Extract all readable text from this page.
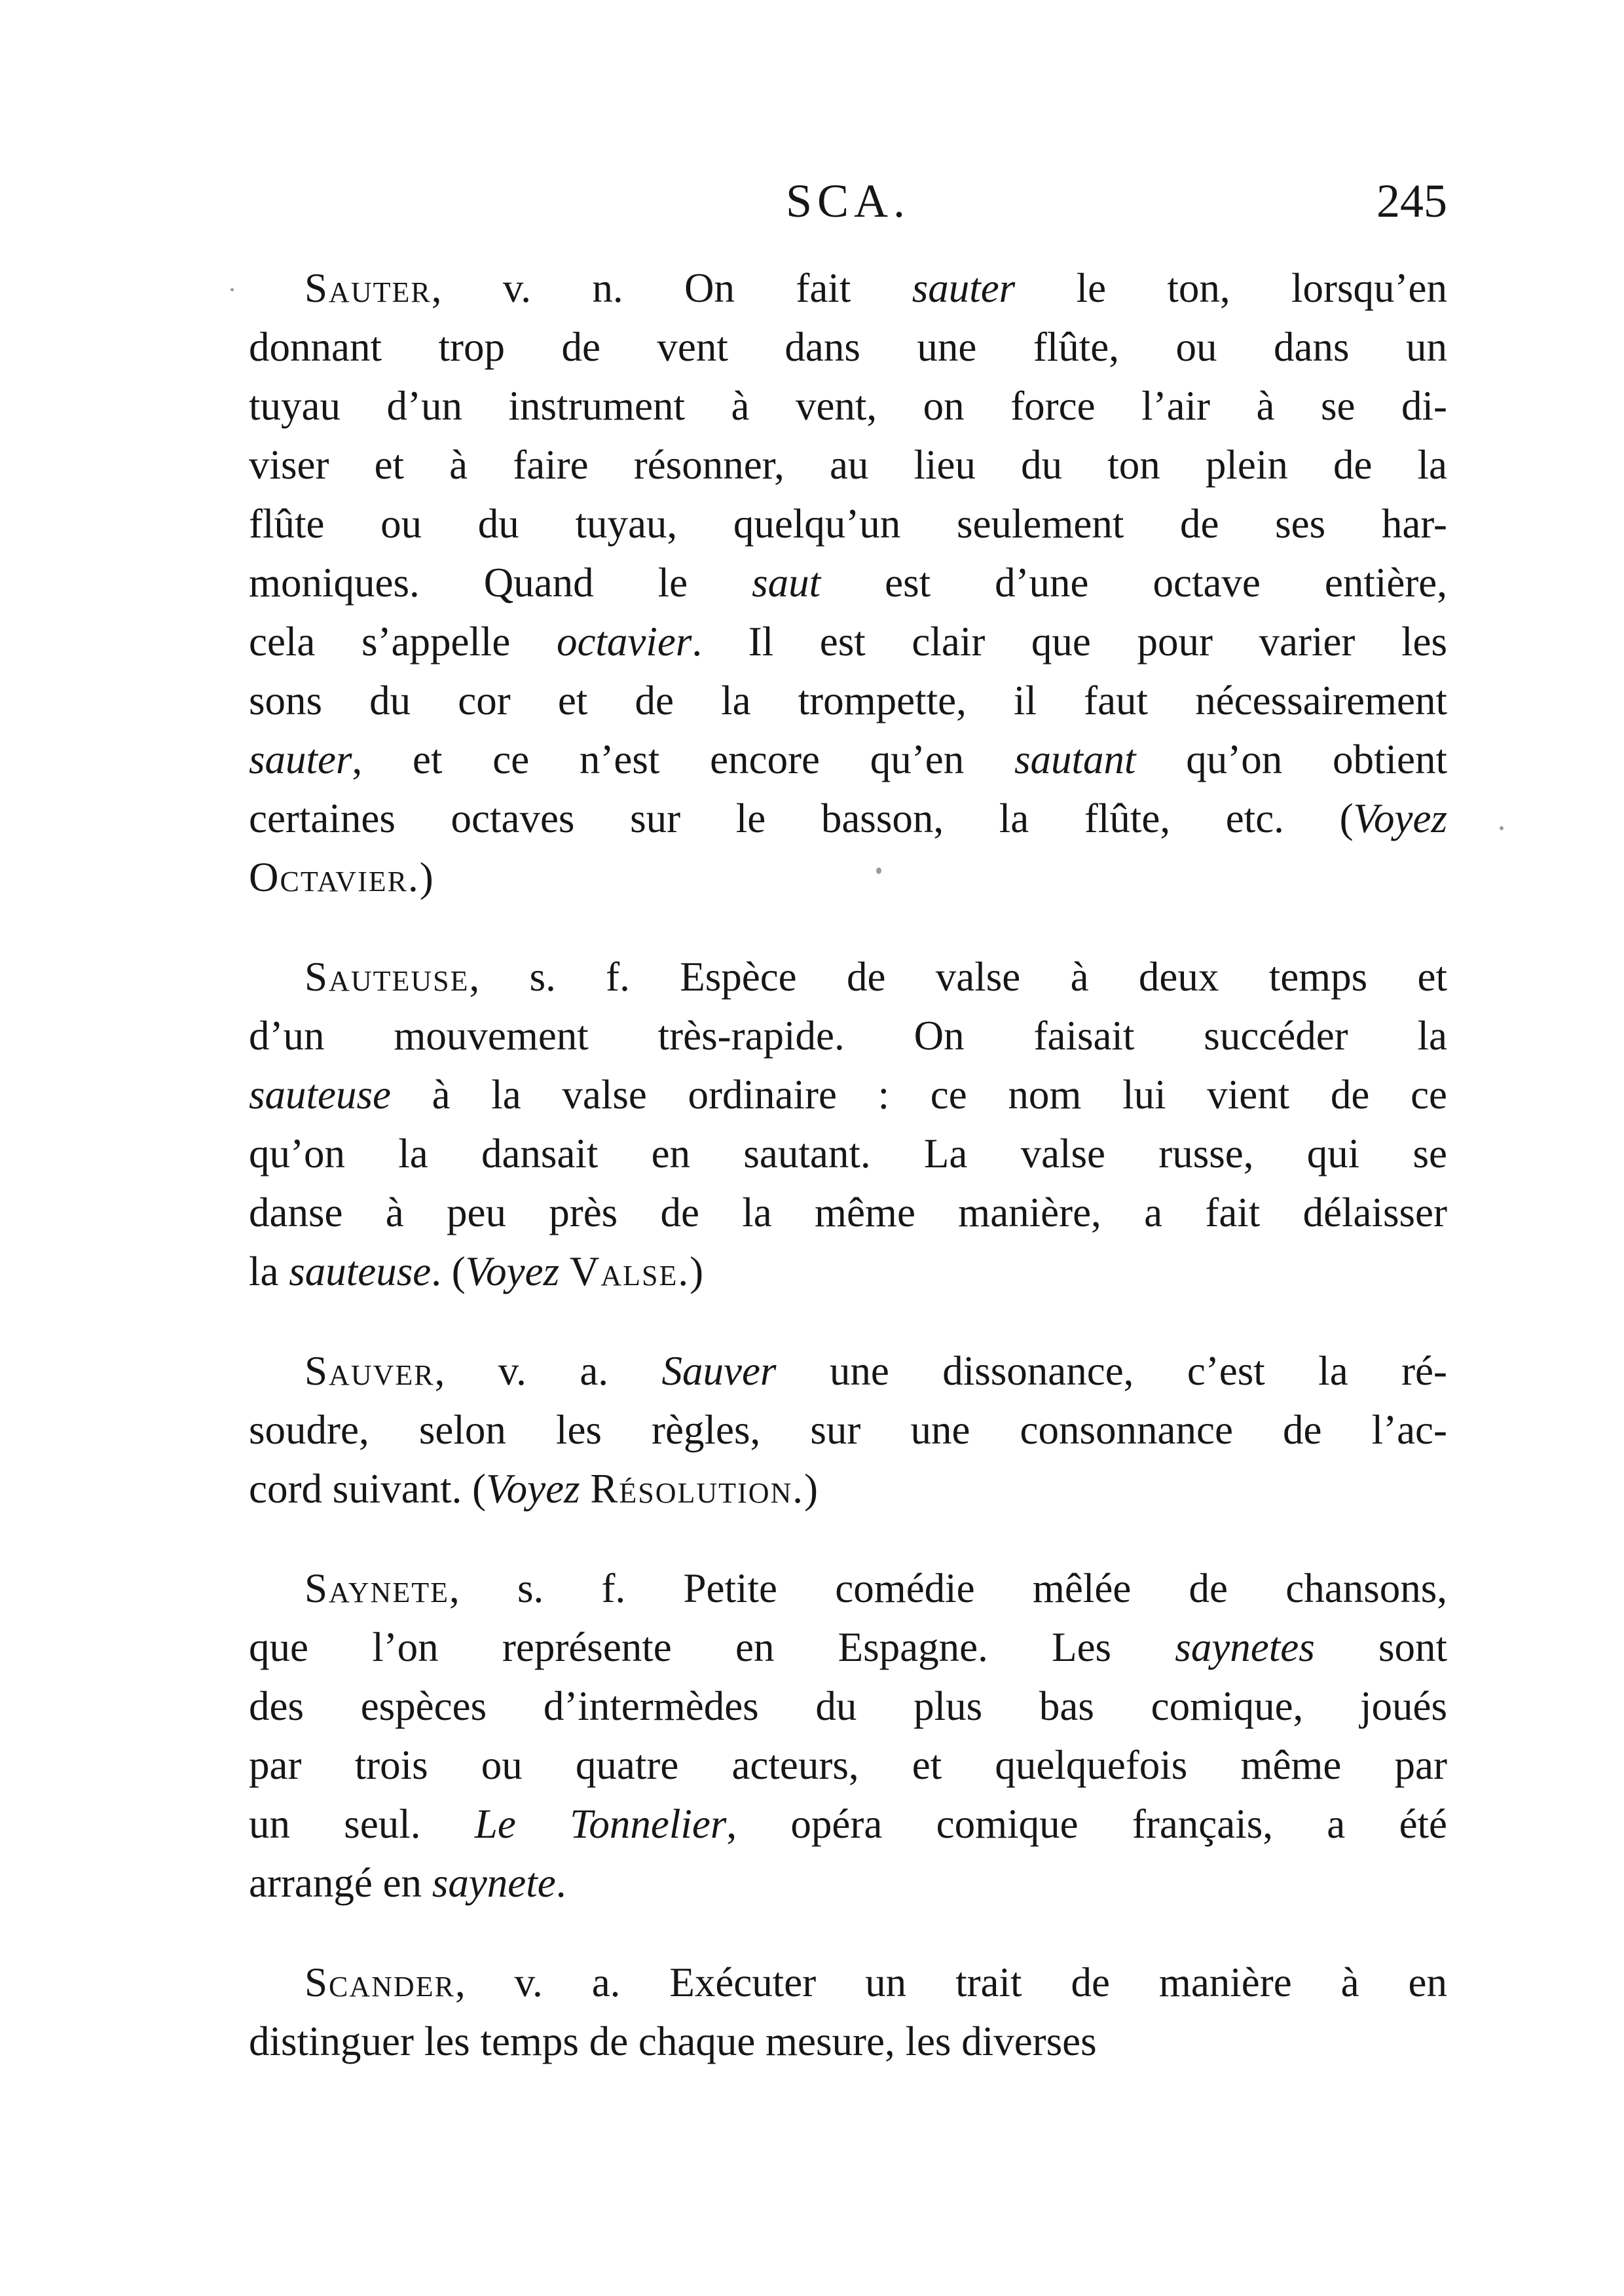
SCA.	245
Sauter, v. n. On fait sauter le ton, lorsqu’en
donnant trop de vent dans une flûte, ou dans un
tuyau d’un instrument à vent, on force l’air à se di-
viser et à faire résonner, au lieu du ton plein de la
flûte ou du tuyau, quelqu’un seulement de ses har-
moniques. Quand le saut est d’une octave entière,
cela s’appelle octavier. Il est clair que pour varier les
sons du cor et de la trompette, il faut nécessairement
sauter, et ce n’est encore qu’en sautant qu’on obtient
certaines octaves sur le basson, la flûte, etc. (Voyez
Octavier.)
Sauteuse, s. f. Espèce de valse à deux temps et
d’un mouvement très-rapide. On faisait succéder la
sauteuse à la valse ordinaire : ce nom lui vient de ce
qu’on la dansait en sautant. La valse russe, qui se
danse à peu près de la même manière, a fait délaisser
la sauteuse. (Voyez Valse.)
Sauver, v. a. Sauver une dissonance, c’est la ré-
soudre, selon les règles, sur une consonnance de l’ac-
cord suivant. (Voyez Résolution.)
Saynete, s. f. Petite comédie mêlée de chansons,
que l’on représente en Espagne. Les saynetes sont
des espèces d’intermèdes du plus bas comique, joués
par trois ou quatre acteurs, et quelquefois même par
un seul. Le Tonnelier, opéra comique français, a été
arrangé en saynete.
Scander, v. a. Exécuter un trait de manière à en
distinguer les temps de chaque mesure, les diverses
